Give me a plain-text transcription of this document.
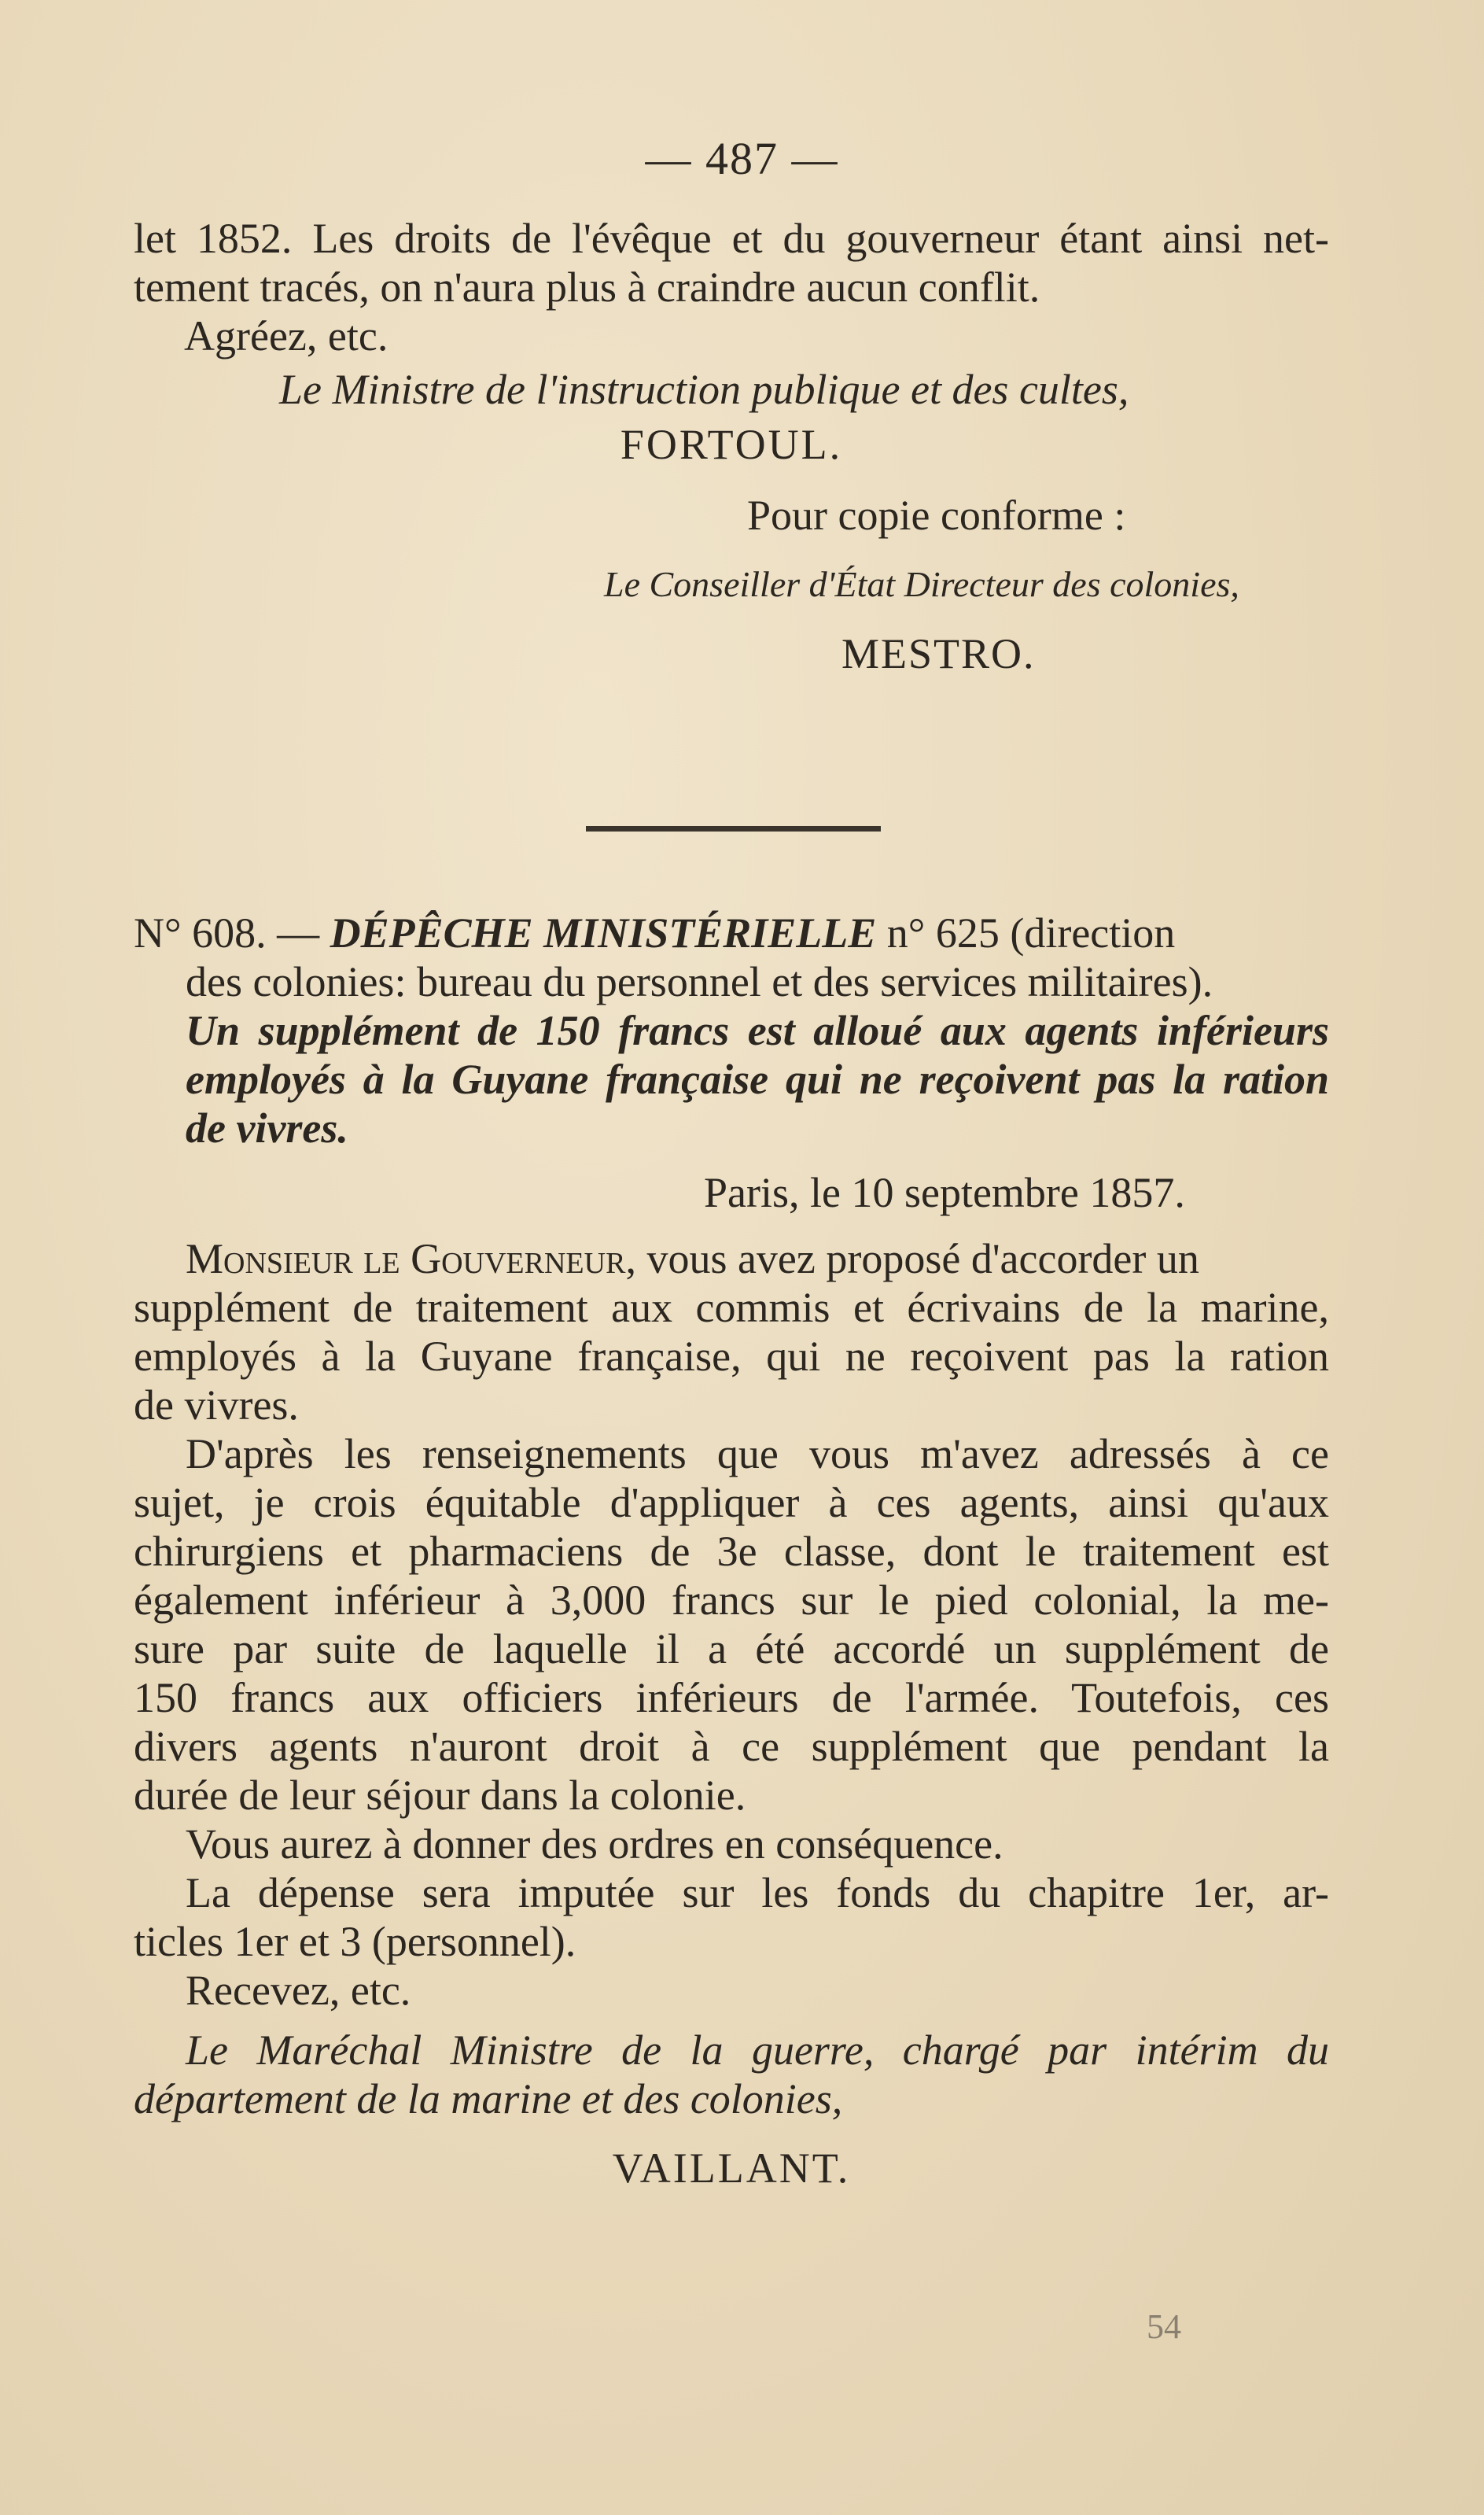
— 487 —
let 1852. Les droits de l'évêque et du gouverneur étant ainsi net-
tement tracés, on n'aura plus à craindre aucun conflit.
Agréez, etc.
Le Ministre de l'instruction publique et des cultes,
FORTOUL.
Pour copie conforme :
Le Conseiller d'État Directeur des colonies,
MESTRO.
N° 608. — DÉPÊCHE MINISTÉRIELLE n° 625 (direction
des colonies: bureau du personnel et des services militaires).
Un supplément de 150 francs est alloué aux agents inférieurs
employés à la Guyane française qui ne reçoivent pas la ration
de vivres.
Paris, le 10 septembre 1857.
Monsieur le Gouverneur, vous avez proposé d'accorder un
supplément de traitement aux commis et écrivains de la marine,
employés à la Guyane française, qui ne reçoivent pas la ration
de vivres.
D'après les renseignements que vous m'avez adressés à ce
sujet, je crois équitable d'appliquer à ces agents, ainsi qu'aux
chirurgiens et pharmaciens de 3e classe, dont le traitement est
également inférieur à 3,000 francs sur le pied colonial, la me-
sure par suite de laquelle il a été accordé un supplément de
150 francs aux officiers inférieurs de l'armée. Toutefois, ces
divers agents n'auront droit à ce supplément que pendant la
durée de leur séjour dans la colonie.
Vous aurez à donner des ordres en conséquence.
La dépense sera imputée sur les fonds du chapitre 1er, ar-
ticles 1er et 3 (personnel).
Recevez, etc.
Le Maréchal Ministre de la guerre, chargé par intérim du
département de la marine et des colonies,
VAILLANT.
54
